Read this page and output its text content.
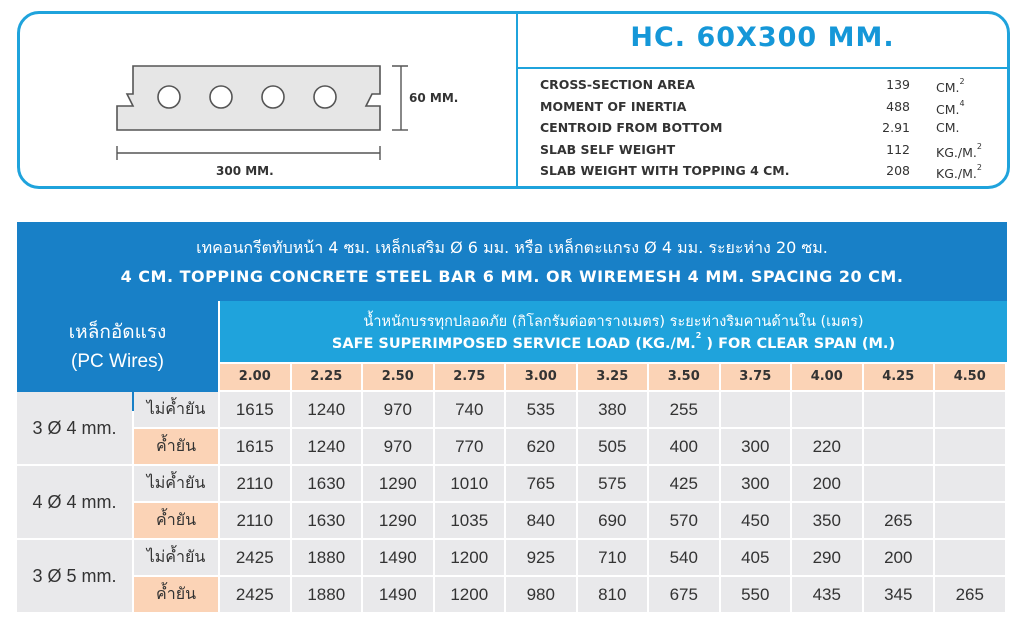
60 MM.
300 MM.
HC. 60X300 MM.
CROSS-SECTION AREA	139 CM.$^2$
MOMENT OF INERTIA	488 CM.$^4$
CENTROID FROM BOTTOM	2.91 CM.
SLAB SELF WEIGHT	112 KG./M.$^2$
SLAB WEIGHT WITH TOPPING 4 CM.	208 KG./M.$^2$
เทคอนกรีตทับหน้า 4 ซม. เหล็กเสริม Ø 6 มม. หรือ เหล็กตะแกรง Ø 4 มม. ระยะห่าง 20 ซม.
4 CM. TOPPING CONCRETE STEEL BAR 6 MM. OR WIREMESH 4 MM. SPACING 20 CM.
เหล็กอัดแรง
(PC Wires)
น้ำหนักบรรทุกปลอดภัย (กิโลกรัมต่อตารางเมตร) ระยะห่างริมคานด้านใน (เมตร)
SAFE SUPERIMPOSED SERVICE LOAD (KG./M.$^2$ ) FOR CLEAR SPAN (M.)
2.00	2.25	2.50	2.75	3.00	3.25	3.50	3.75	4.00	4.25	4.50
3 Ø 4 mm.
ไม่ค้ำยัน	1615	1240	970	740	535	380	255
ค้ำยัน	1615	1240	970	770	620	505	400	300	220
4 Ø 4 mm.
ไม่ค้ำยัน	2110	1630	1290	1010	765	575	425	300	200
ค้ำยัน	2110	1630	1290	1035	840	690	570	450	350	265
3 Ø 5 mm.
ไม่ค้ำยัน	2425	1880	1490	1200	925	710	540	405	290	200
ค้ำยัน	2425	1880	1490	1200	980	810	675	550	435	345	265
